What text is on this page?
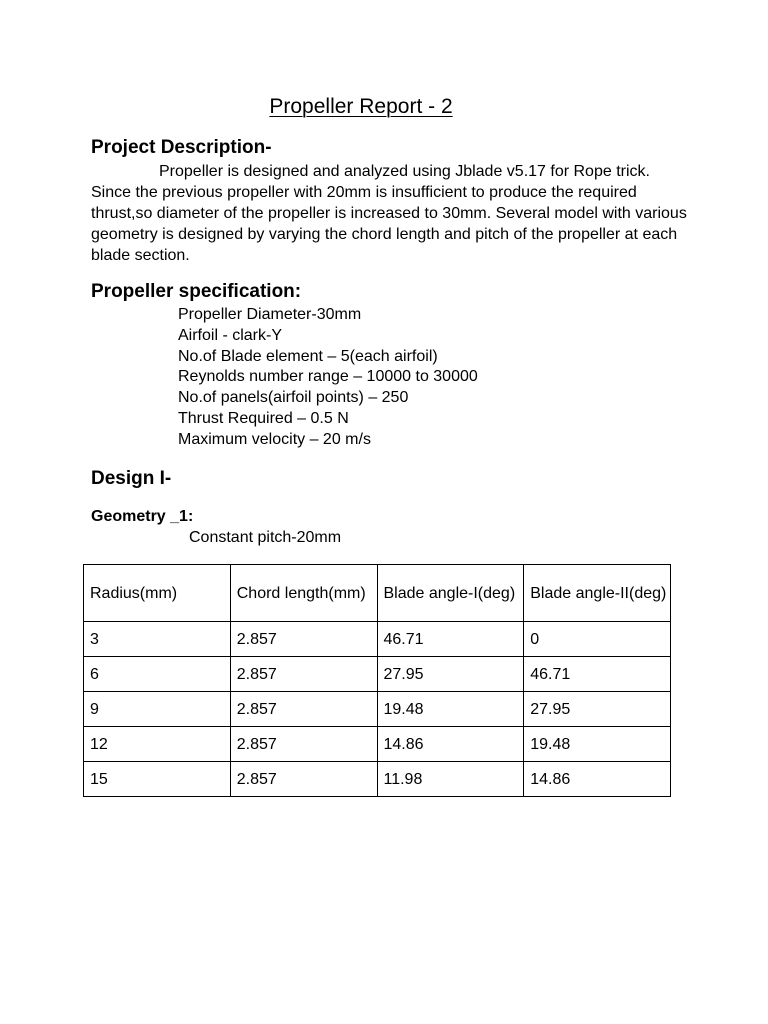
Propeller Report - 2
Project Description-
Propeller is designed and analyzed using Jblade v5.17 for Rope trick. Since the previous propeller with 20mm is insufficient to produce the required thrust,so diameter of the propeller is increased to 30mm. Several model with various geometry is designed by varying the chord length and pitch of the propeller at each blade section.
Propeller specification:
Propeller Diameter-30mm
Airfoil - clark-Y
No.of Blade element – 5(each airfoil)
Reynolds number range – 10000 to 30000
No.of panels(airfoil points) – 250
Thrust Required – 0.5 N
Maximum velocity – 20 m/s
Design I-
Geometry _1:
Constant pitch-20mm
Radius(mm)	Chord length(mm)	Blade angle-I(deg)	Blade angle-II(deg)
3	2.857	46.71	0
6	2.857	27.95	46.71
9	2.857	19.48	27.95
12	2.857	14.86	19.48
15	2.857	11.98	14.86
